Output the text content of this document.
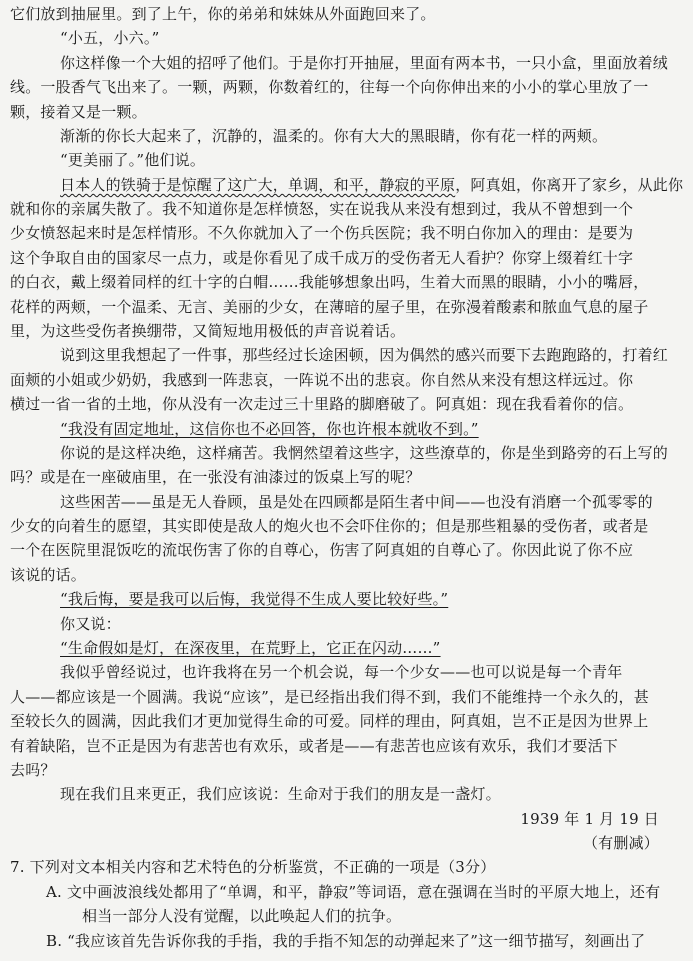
它们放到抽屉里。到了上午，你的弟弟和妹妹从外面跑回来了。
“小五，小六。”
你这样像一个大姐的招呼了他们。于是你打开抽屉，里面有两本书，一只小盒，里面放着绒
线。一股香气飞出来了。一颗，两颗，你数着红的，往每一个向你伸出来的小小的掌心里放了一
颗，接着又是一颗。
渐渐的你长大起来了，沉静的，温柔的。你有大大的黑眼睛，你有花一样的两颊。
“更美丽了。”他们说。
日本人的铁骑于是惊醒了这广大，单调，和平，静寂的平原，阿真姐，你离开了家乡，从此你
就和你的亲属失散了。我不知道你是怎样愤怒，实在说我从来没有想到过，我从不曾想到一个
少女愤怒起来时是怎样情形。不久你就加入了一个伤兵医院；我不明白你加入的理由：是要为
这个争取自由的国家尽一点力，或是你看见了成千成万的受伤者无人看护？你穿上缀着红十字
的白衣，戴上缀着同样的红十字的白帽……我能够想象出吗，生着大而黑的眼睛，小小的嘴唇，
花样的两颊，一个温柔、无言、美丽的少女，在薄暗的屋子里，在弥漫着酸素和脓血气息的屋子
里，为这些受伤者换绷带，又简短地用极低的声音说着话。
说到这里我想起了一件事，那些经过长途困顿，因为偶然的感兴而要下去跑跑路的，打着红
面颊的小姐或少奶奶，我感到一阵悲哀，一阵说不出的悲哀。你自然从来没有想这样远过。你
横过一省一省的土地，你从没有一次走过三十里路的脚磨破了。阿真姐：现在我看着你的信。
“我没有固定地址，这信你也不必回答，你也许根本就收不到。”
你说的是这样决绝，这样痛苦。我惘然望着这些字，这些潦草的，你是坐到路旁的石上写的
吗？或是在一座破庙里，在一张没有油漆过的饭桌上写的呢？
这些困苦——虽是无人眷顾，虽是处在四顾都是陌生者中间——也没有消磨一个孤零零的
少女的向着生的愿望，其实即使是敌人的炮火也不会吓住你的；但是那些粗暴的受伤者，或者是
一个在医院里混饭吃的流氓伤害了你的自尊心，伤害了阿真姐的自尊心了。你因此说了你不应
该说的话。
“我后悔，要是我可以后悔，我觉得不生成人要比较好些。”
你又说：
“生命假如是灯，在深夜里，在荒野上，它正在闪动……”
我似乎曾经说过，也许我将在另一个机会说，每一个少女——也可以说是每一个青年
人——都应该是一个圆满。我说“应该”，是已经指出我们得不到，我们不能维持一个永久的，甚
至较长久的圆满，因此我们才更加觉得生命的可爱。同样的理由，阿真姐，岂不正是因为世界上
有着缺陷，岂不正是因为有悲苦也有欢乐，或者是——有悲苦也应该有欢乐，我们才要活下
去吗？
现在我们且来更正，我们应该说：生命对于我们的朋友是一盏灯。
1939 年 1 月 19 日
（有删减）
7. 下列对文本相关内容和艺术特色的分析鉴赏，不正确的一项是（3分）
A. 文中画波浪线处都用了“单调，和平，静寂”等词语，意在强调在当时的平原大地上，还有
相当一部分人没有觉醒，以此唤起人们的抗争。
B. “我应该首先告诉你我的手指，我的手指不知怎的动弹起来了”这一细节描写，刻画出了
